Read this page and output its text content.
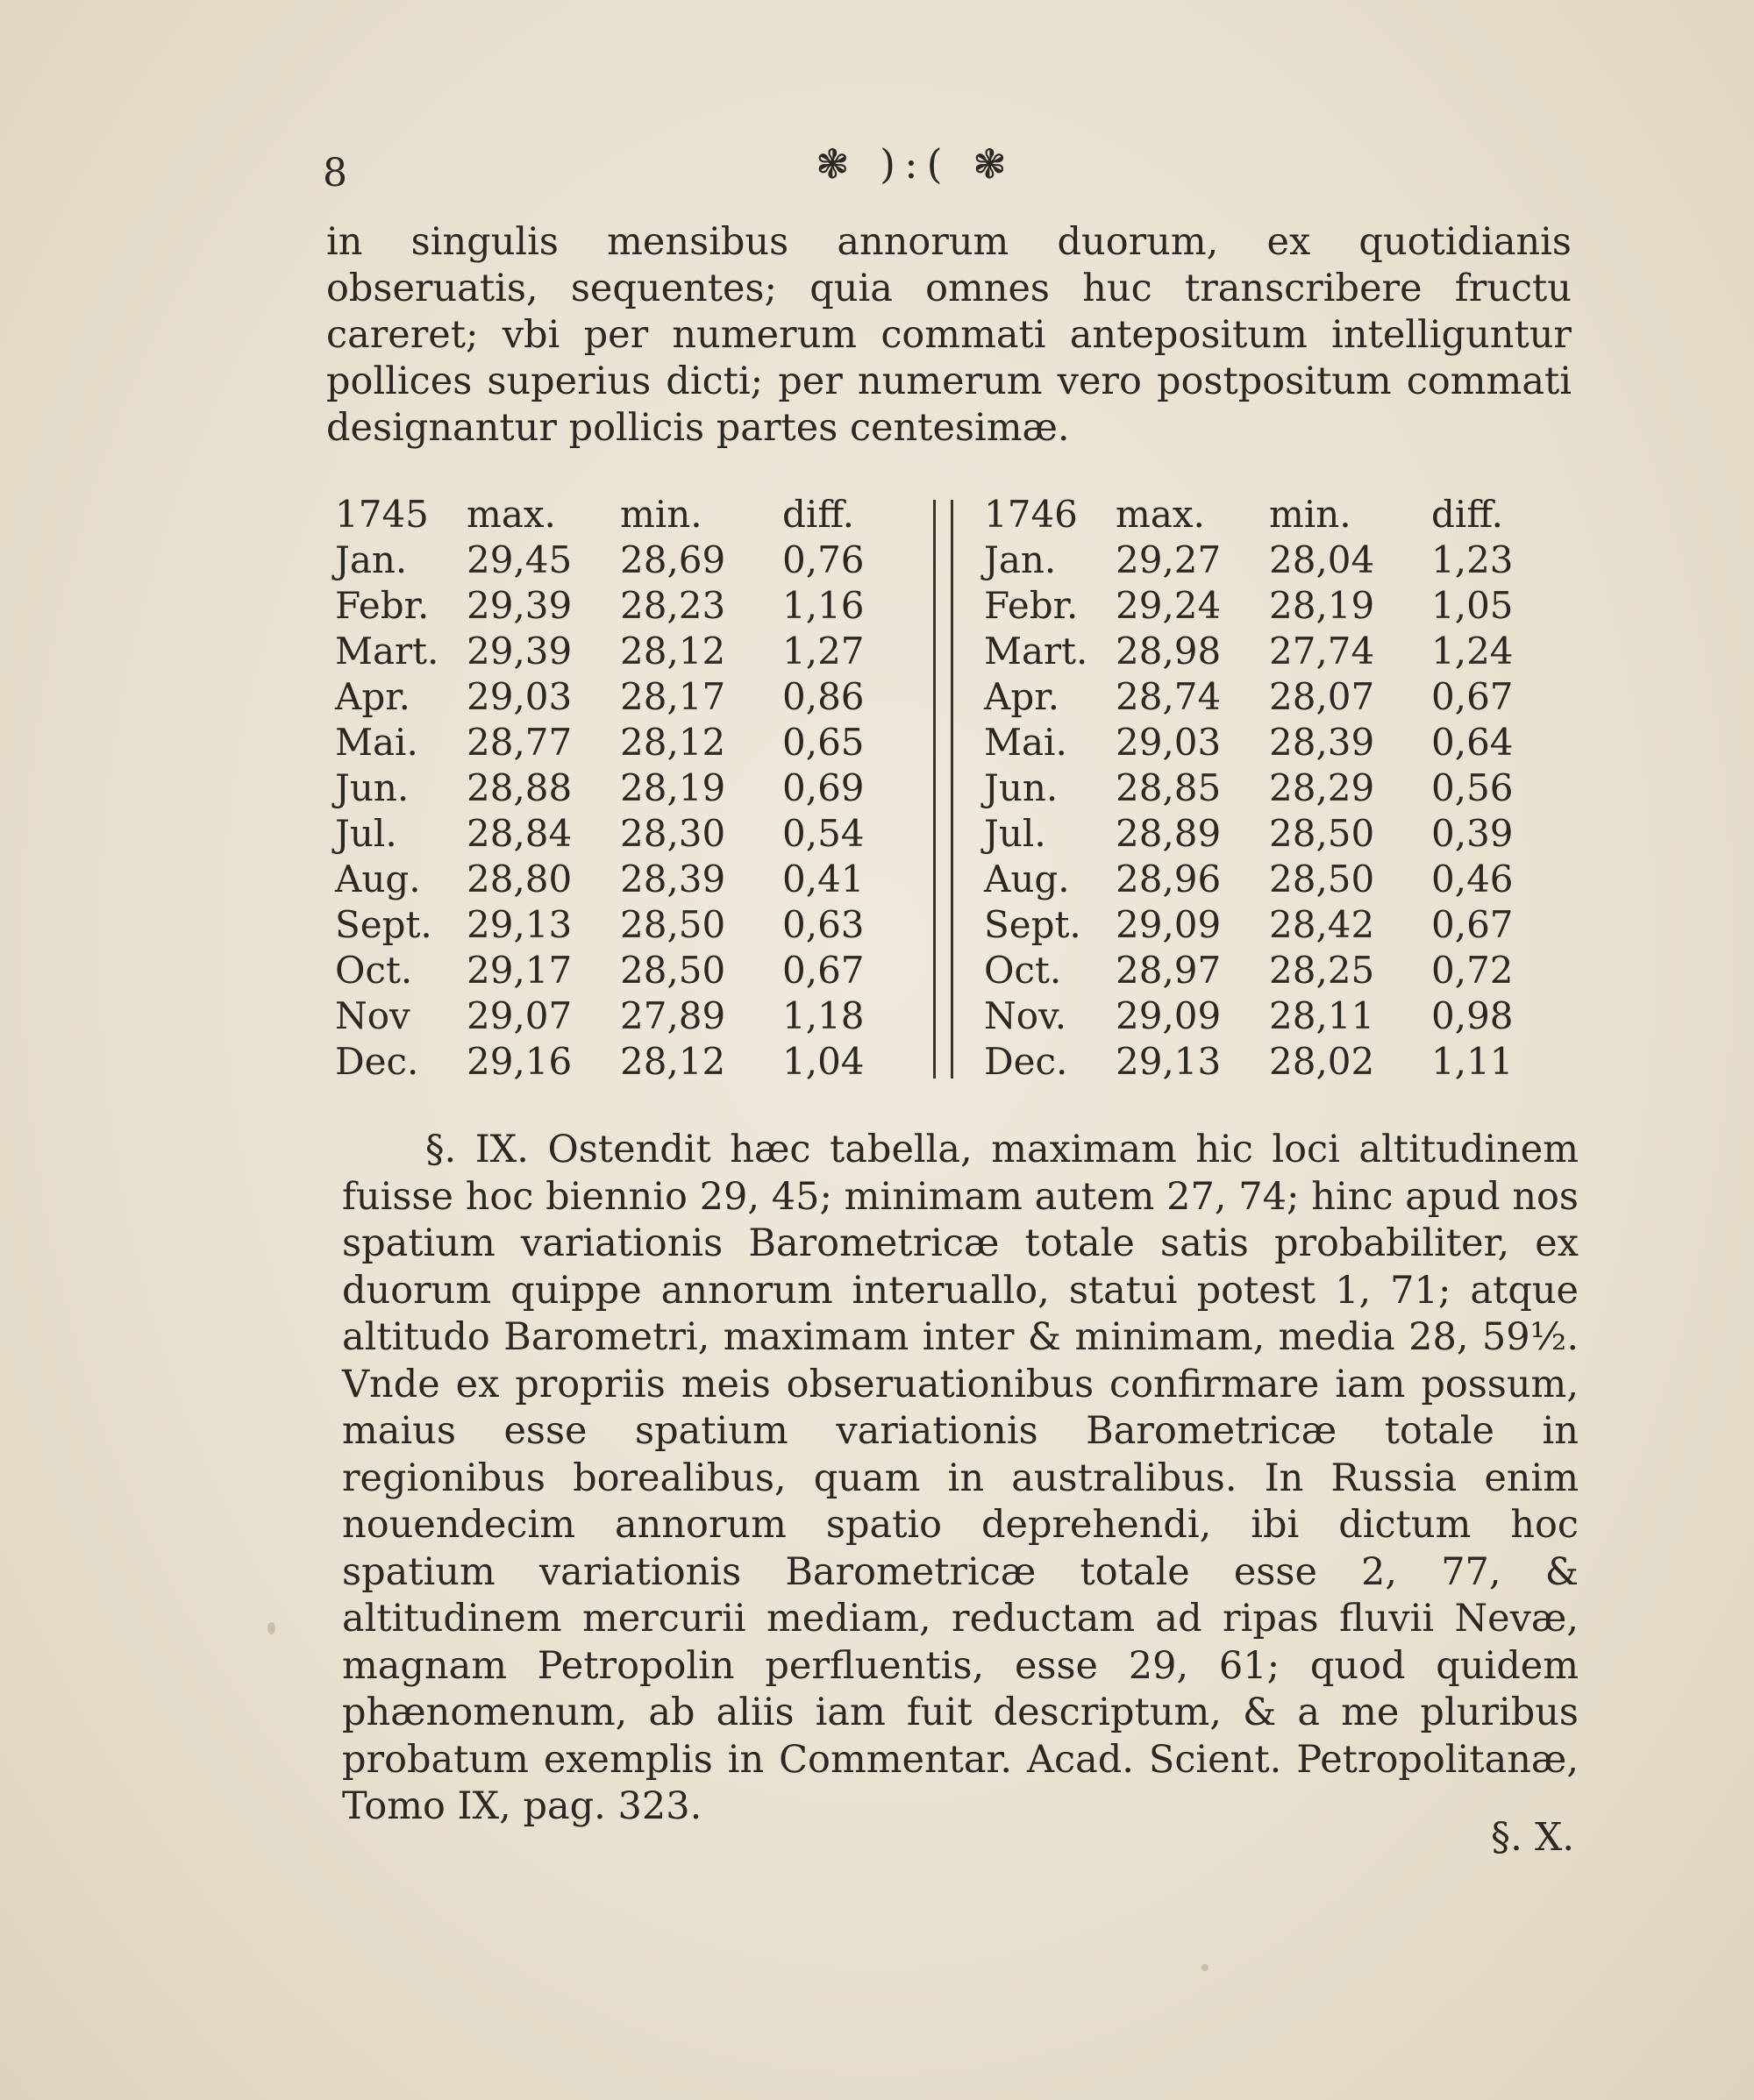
8	❃ ):( ❃
in singulis mensibus annorum duorum, ex quotidianis obseruatis, sequentes; quia omnes huc transcribere fructu careret; vbi per numerum commati antepositum intelliguntur pollices superius dicti; per numerum vero postpositum commati designantur pollicis partes centesimæ.
1745	max.	min.	diff.
Jan.	29,45	28,69	0,76
Febr.	29,39	28,23	1,16
Mart. 29,39	28,12	1,27
Apr.	29,03	28,17	0,86
Mai.	28,77	28,12	0,65
Jun.	28,88	28,19	0,69
Jul.	28,84	28,30	0,54
Aug.	28,80	28,39	0,41
Sept. 29,13	28,50	0,63
Oct.	29,17	28,50	0,67
Nov	29,07	27,89	1,18
Dec.	29,16	28,12	1,04
1746	max.	min.	diff.
Jan.	29,27	28,04	1,23
Febr.	29,24	28,19	1,05
Mart. 28,98	27,74	1,24
Apr.	28,74	28,07	0,67
Mai.	29,03	28,39	0,64
Jun.	28,85	28,29	0,56
Jul.	28,89	28,50	0,39
Aug.	28,96	28,50	0,46
Sept. 29,09	28,42	0,67
Oct.	28,97	28,25	0,72
Nov.	29,09	28,11	0,98
Dec.	29,13	28,02	1,11
§. IX. Ostendit hæc tabella, maximam hic loci altitudinem fuisse hoc biennio 29, 45; minimam autem 27, 74; hinc apud nos spatium variationis Barometricæ totale satis probabiliter, ex duorum quippe annorum interuallo, statui potest 1, 71; atque altitudo Barometri, maximam inter & minimam, media 28, 59½. Vnde ex propriis meis obseruationibus confirmare iam possum, maius esse spatium variationis Barometricæ totale in regionibus borealibus, quam in australibus. In Russia enim nouendecim annorum spatio deprehendi, ibi dictum hoc spatium variationis Barometricæ totale esse 2, 77, & altitudinem mercurii mediam, reductam ad ripas fluvii Nevæ, magnam Petropolin perfluentis, esse 29, 61; quod quidem phænomenum, ab aliis iam fuit descriptum, & a me pluribus probatum exemplis in Commentar. Acad. Scient. Petropolitanæ, Tomo IX, pag. 323.
§. X.
